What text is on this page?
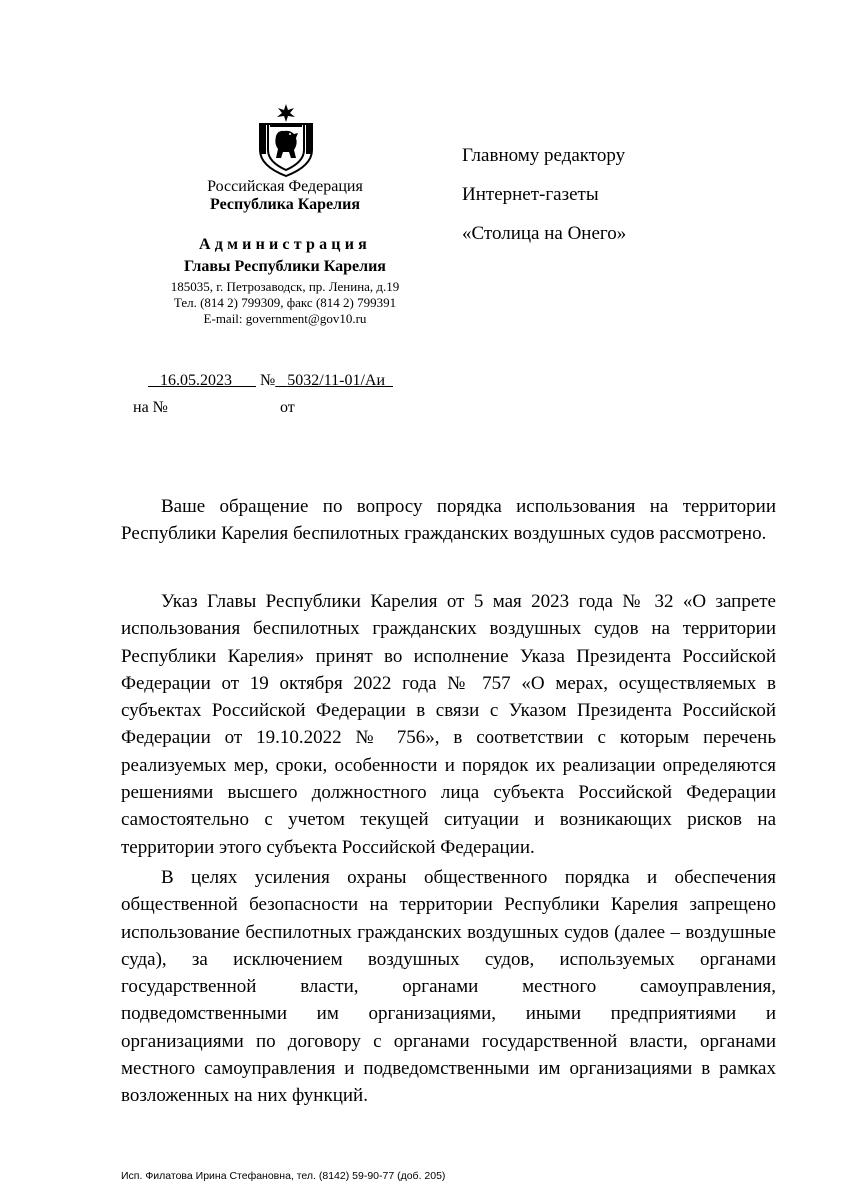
Российская Федерация
Республика Карелия
Администрация
Главы Республики Карелия
185035, г. Петрозаводск, пр. Ленина, д.19
Тел. (814 2) 799309, факс (814 2) 799391
E-mail: government@gov10.ru
16.05.2023 № 5032/11-01/Аи
на №	от
Главному редактору
Интернет-газеты
«Столица на Онего»

Ваше обращение по вопросу порядка использования на территории Республики Карелия беспилотных гражданских воздушных судов рассмотрено.

Указ Главы Республики Карелия от 5 мая 2023 года № 32 «О запрете использования беспилотных гражданских воздушных судов на территории Республики Карелия» принят во исполнение Указа Президента Российской Федерации от 19 октября 2022 года № 757 «О мерах, осуществляемых в субъектах Российской Федерации в связи с Указом Президента Российской Федерации от 19.10.2022 № 756», в соответствии с которым перечень реализуемых мер, сроки, особенности и порядок их реализации определяются решениями высшего должностного лица субъекта Российской Федерации самостоятельно с учетом текущей ситуации и возникающих рисков на территории этого субъекта Российской Федерации.

В целях усиления охраны общественного порядка и обеспечения общественной безопасности на территории Республики Карелия запрещено использование беспилотных гражданских воздушных судов (далее – воздушные суда), за исключением воздушных судов, используемых органами государственной власти, органами местного самоуправления, подведомственными им организациями, иными предприятиями и организациями по договору с органами государственной власти, органами местного самоуправления и подведомственными им организациями в рамках возложенных на них функций.

Исп. Филатова Ирина Стефановна, тел. (8142) 59-90-77 (доб. 205)
